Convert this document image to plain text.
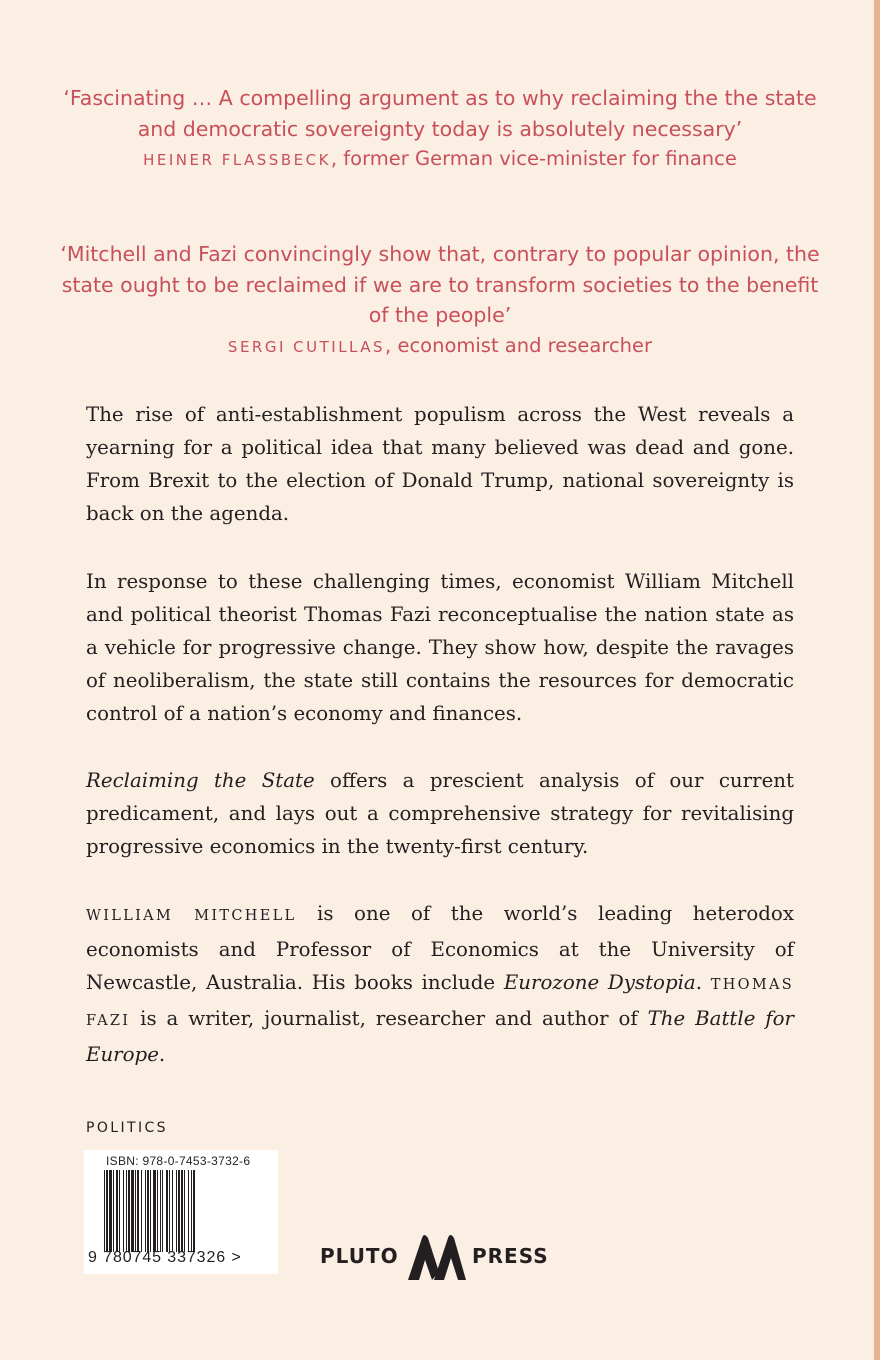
‘Fascinating … A compelling argument as to why reclaiming the the state and democratic sovereignty today is absolutely necessary’
HEINER FLASSBECK, former German vice-minister for finance
‘Mitchell and Fazi convincingly show that, contrary to popular opinion, the state ought to be reclaimed if we are to transform societies to the benefit of the people’
SERGI CUTILLAS, economist and researcher

The rise of anti-establishment populism across the West reveals a yearning for a political idea that many believed was dead and gone. From Brexit to the election of Donald Trump, national sovereignty is back on the agenda.

In response to these challenging times, economist William Mitchell and political theorist Thomas Fazi reconceptualise the nation state as a vehicle for progressive change. They show how, despite the ravages of neoliberalism, the state still contains the resources for democratic control of a nation’s economy and finances.

Reclaiming the State offers a prescient analysis of our current predicament, and lays out a comprehensive strategy for revitalising progressive economics in the twenty-first century.

WILLIAM MITCHELL is one of the world’s leading heterodox economists and Professor of Economics at the University of Newcastle, Australia. His books include Eurozone Dystopia. THOMAS FAZI is a writer, journalist, researcher and author of The Battle for Europe.

POLITICS
ISBN: 978-0-7453-3732-6
9 780745 337326 >	PLUTO	PRESS
